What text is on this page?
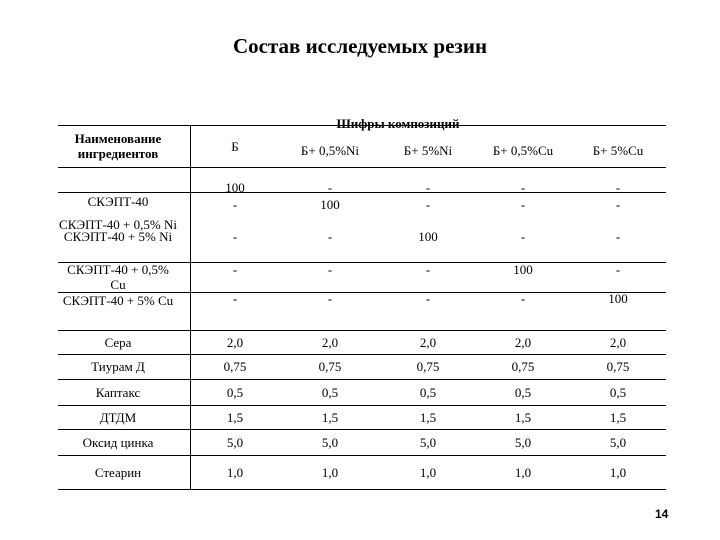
Состав исследуемых резин
Наименование ингредиентов
Шифры композиций
Б	Б+ 0,5%Ni	Б+ 5%Ni	Б+ 0,5%Cu	Б+ 5%Cu
СКЭПТ-40
100	-	-	-	-
СКЭПТ-40 + 0,5% Ni
-	100	-	-	-
СКЭПТ-40 + 5% Ni	-	-	100	-	-
СКЭПТ-40 + 0,5% Cu
-	-	-	100	-
СКЭПТ-40 + 5% Cu	-	-	-	-	100
Сера	2,0	2,0	2,0	2,0	2,0
Тиурам Д	0,75	0,75	0,75	0,75	0,75
Каптакс	0,5	0,5	0,5	0,5	0,5
ДТДМ	1,5	1,5	1,5	1,5	1,5
Оксид цинка	5,0	5,0	5,0	5,0	5,0
Стеарин	1,0	1,0	1,0	1,0	1,0
14
